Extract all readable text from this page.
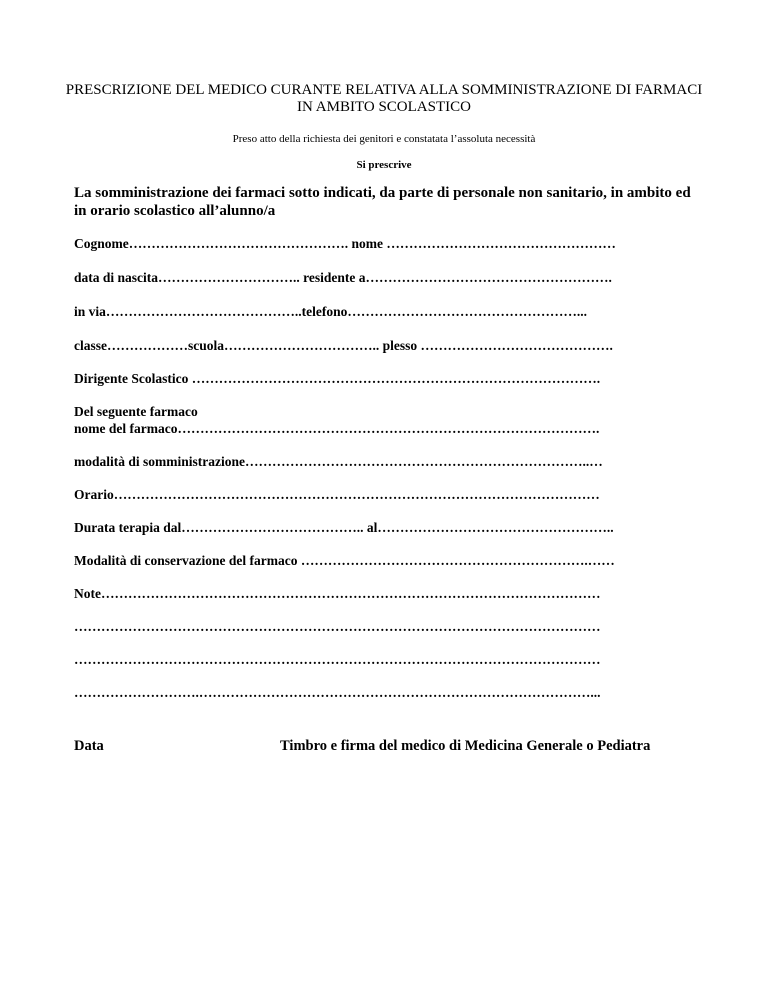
PRESCRIZIONE DEL MEDICO CURANTE RELATIVA ALLA SOMMINISTRAZIONE DI FARMACI IN AMBITO SCOLASTICO
Preso atto della richiesta dei genitori e constatata l’assoluta necessità
Si prescrive
La somministrazione dei farmaci sotto indicati, da parte di personale non sanitario, in ambito ed in orario scolastico all’alunno/a
Cognome…………………………………………. nome ……………………………………………
data di nascita………………………….. residente a……………………………………………….
in via……………………………………..telefono……………………………………………...
classe………………scuola…………………………….. plesso …………………………………….
Dirigente Scolastico ……………………………………………………………………………….
Del seguente farmaco
nome del farmaco………………………………………………………………………………….
modalità di somministrazione…………………………………………………………………..…
Orario………………………………………………………………………………………………
Durata terapia dal………………………………….. al……………………………………………..
Modalità di conservazione del farmaco ……………………………………………………….……
Note…………………………………………………………………………………………………
………………………………………………………………………………………………………
………………………………………………………………………………………………………
……………………….……………………………………………………………………………...
Data	Timbro e firma del medico di Medicina Generale o Pediatra
